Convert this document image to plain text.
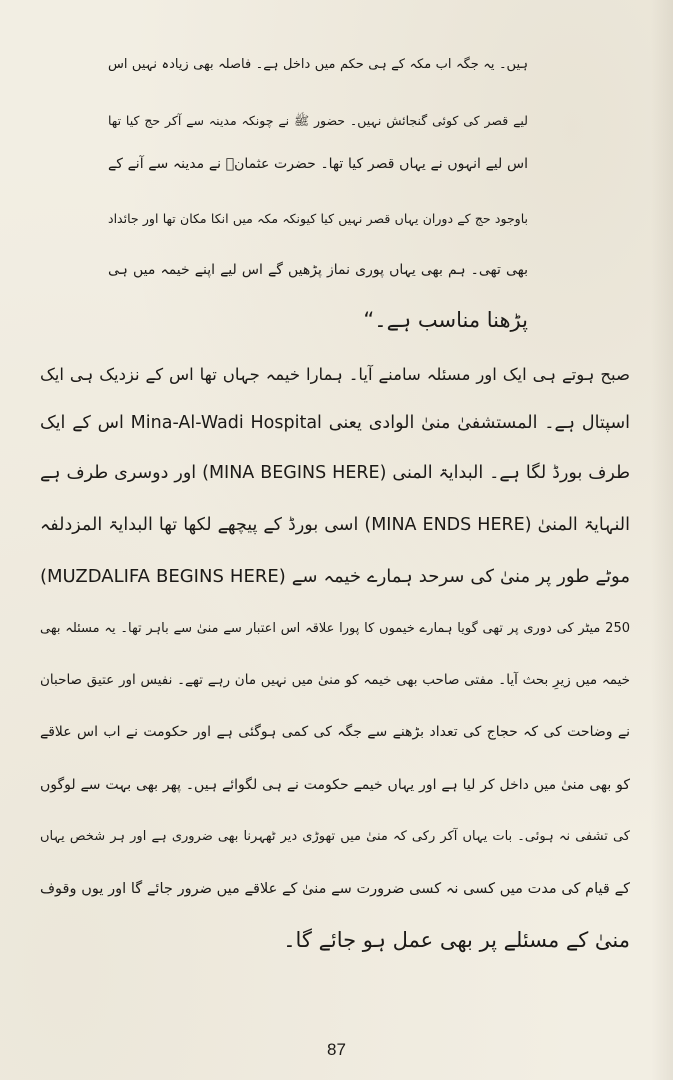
ہیں۔ یہ جگہ اب مکہ کے ہی حکم میں داخل ہے۔ فاصلہ بھی زیادہ نہیں اس
لیے قصر کی کوئی گنجائش نہیں۔ حضور ﷺ نے چونکہ مدینہ سے آکر حج کیا تھا
اس لیے انہوں نے یہاں قصر کیا تھا۔ حضرت عثمانؓ نے مدینہ سے آنے کے
باوجود حج کے دوران یہاں قصر نہیں کیا کیونکہ مکہ میں انکا مکان تھا اور جائداد
بھی تھی۔ ہم بھی یہاں پوری نماز پڑھیں گے اس لیے اپنے خیمہ میں ہی
پڑھنا مناسب ہے۔“
صبح ہوتے ہی ایک اور مسئلہ سامنے آیا۔ ہمارا خیمہ جہاں تھا اس کے نزدیک ہی ایک
اسپتال ہے۔ المستشفیٰ منیٰ الوادی یعنی Mina-Al-Wadi Hospital اس کے ایک
طرف بورڈ لگا ہے۔ البدایۃ المنی (MINA BEGINS HERE) اور دوسری طرف ہے
النہایۃ المنیٰ (MINA ENDS HERE) اسی بورڈ کے پیچھے لکھا تھا البدایۃ المزدلفہ
(MUZDALIFA BEGINS HERE) موٹے طور پر منیٰ کی سرحد ہمارے خیمہ سے
250 میٹر کی دوری پر تھی گویا ہمارے خیموں کا پورا علاقہ اس اعتبار سے منیٰ سے باہر تھا۔ یہ مسئلہ بھی
خیمہ میں زیرِ بحث آیا۔ مفتی صاحب بھی خیمہ کو منیٰ میں نہیں مان رہے تھے۔ نفیس اور عتیق صاحبان
نے وضاحت کی کہ حجاج کی تعداد بڑھنے سے جگہ کی کمی ہوگئی ہے اور حکومت نے اب اس علاقے
کو بھی منیٰ میں داخل کر لیا ہے اور یہاں خیمے حکومت نے ہی لگوائے ہیں۔ پھر بھی بہت سے لوگوں
کی تشفی نہ ہوئی۔ بات یہاں آکر رکی کہ منیٰ میں تھوڑی دیر ٹھہرنا بھی ضروری ہے اور ہر شخص یہاں
کے قیام کی مدت میں کسی نہ کسی ضرورت سے منیٰ کے علاقے میں ضرور جائے گا اور یوں وقوف
منیٰ کے مسئلے پر بھی عمل ہو جائے گا۔
87
